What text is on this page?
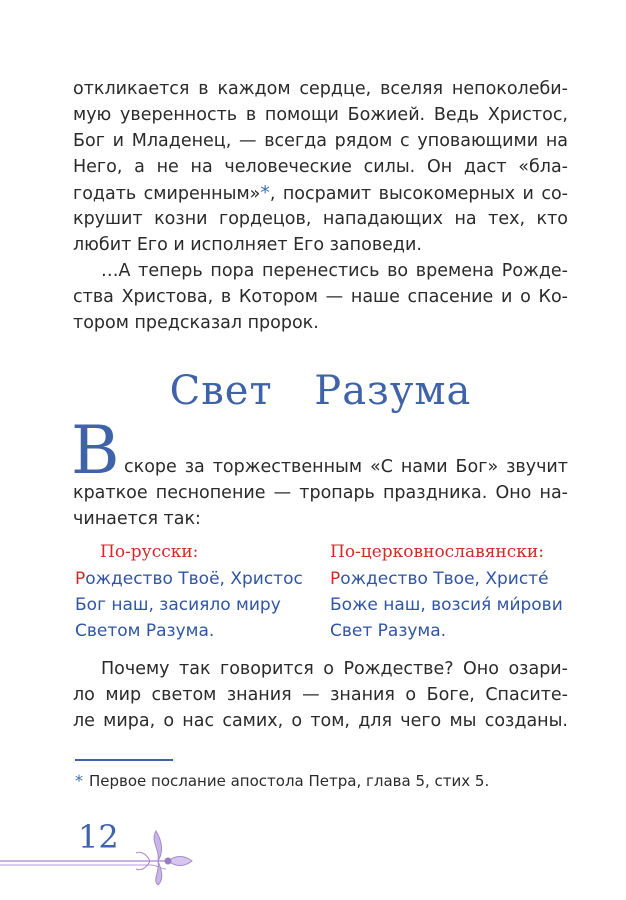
откликается в каждом сердце, вселяя непоколеби-
мую уверенность в помощи Божией. Ведь Христос,
Бог и Младенец, — всегда рядом с уповающими на
Него, а не на человеческие силы. Он даст «бла-
годать смиренным»*, посрамит высокомерных и со-
крушит козни гордецов, нападающих на тех, кто
любит Его и исполняет Его заповеди.
…А теперь пора перенестись во времена Рожде-
ства Христова, в Котором — наше спасение и о Ко-
тором предсказал пророк.
Свет Разума
В скоре за торжественным «С нами Бог» звучит
краткое песнопение — тропарь праздника. Оно на-
чинается так:
По-русски:
Рождество Твоё, Христос
Бог наш, засияло миру
Светом Разума.
По-церковнославянски:
Рождество Твое, Христе́
Боже наш, возсия́ ми́рови
Свет Разума.
Почему так говорится о Рождестве? Оно озари-
ло мир светом знания — знания о Боге, Спасите-
ле мира, о нас самих, о том, для чего мы созданы.
* Первое послание апостола Петра, глава 5, стих 5.
12
